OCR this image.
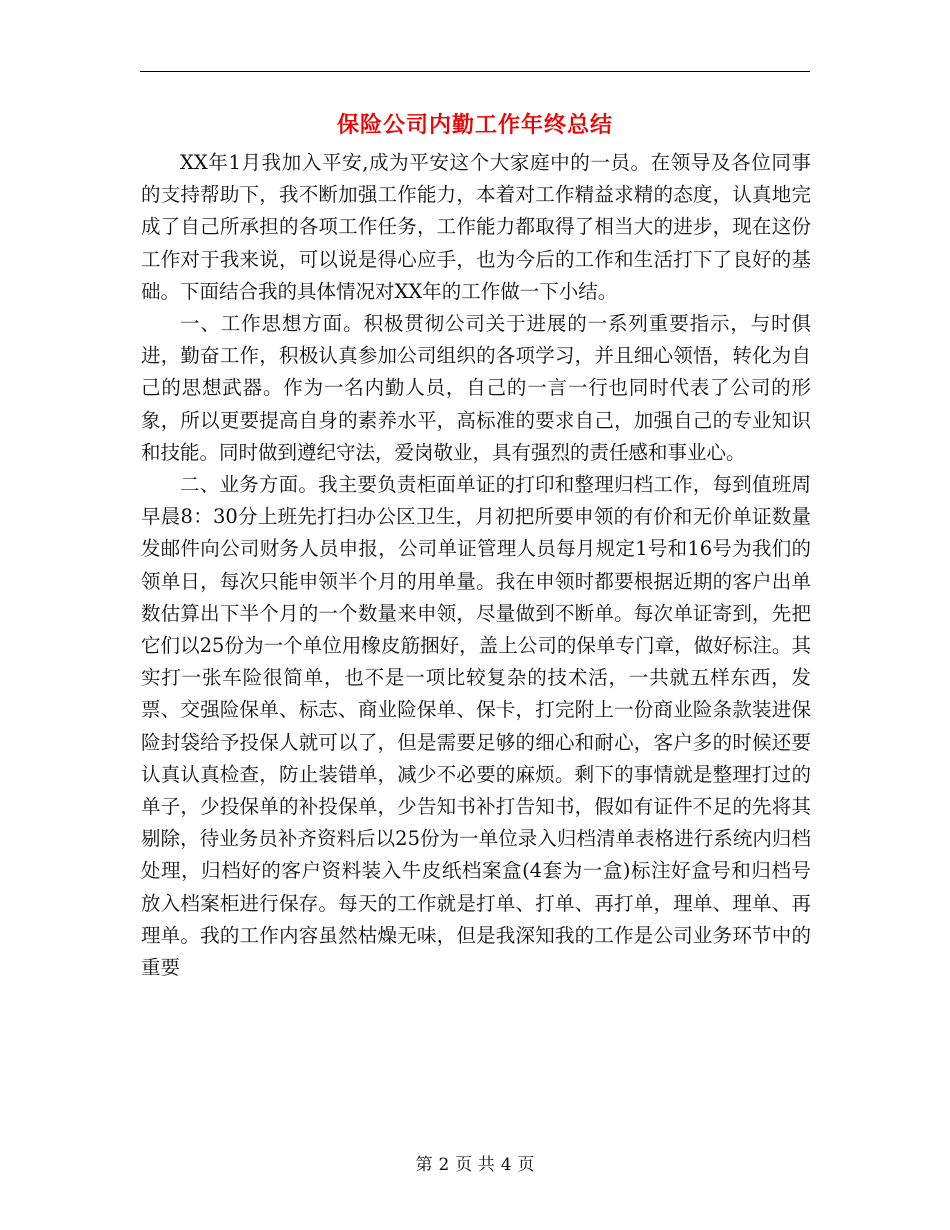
保险公司内勤工作年终总结

XX年1月我加入平安,成为平安这个大家庭中的一员。在领导及各位同事的支持帮助下，我不断加强工作能力，本着对工作精益求精的态度，认真地完成了自己所承担的各项工作任务，工作能力都取得了相当大的进步，现在这份工作对于我来说，可以说是得心应手，也为今后的工作和生活打下了良好的基础。下面结合我的具体情况对XX年的工作做一下小结。

一、工作思想方面。积极贯彻公司关于进展的一系列重要指示，与时俱进，勤奋工作，积极认真参加公司组织的各项学习，并且细心领悟，转化为自己的思想武器。作为一名内勤人员，自己的一言一行也同时代表了公司的形象，所以更要提高自身的素养水平，高标准的要求自己，加强自己的专业知识和技能。同时做到遵纪守法，爱岗敬业，具有强烈的责任感和事业心。

二、业务方面。我主要负责柜面单证的打印和整理归档工作，每到值班周早晨8：30分上班先打扫办公区卫生，月初把所要申领的有价和无价单证数量发邮件向公司财务人员申报，公司单证管理人员每月规定1号和16号为我们的领单日，每次只能申领半个月的用单量。我在申领时都要根据近期的客户出单数估算出下半个月的一个数量来申领，尽量做到不断单。每次单证寄到，先把它们以25份为一个单位用橡皮筋捆好，盖上公司的保单专门章，做好标注。其实打一张车险很简单，也不是一项比较复杂的技术活，一共就五样东西，发票、交强险保单、标志、商业险保单、保卡，打完附上一份商业险条款装进保险封袋给予投保人就可以了，但是需要足够的细心和耐心，客户多的时候还要认真认真检查，防止装错单，减少不必要的麻烦。剩下的事情就是整理打过的单子，少投保单的补投保单，少告知书补打告知书，假如有证件不足的先将其剔除，待业务员补齐资料后以25份为一单位录入归档清单表格进行系统内归档处理，归档好的客户资料装入牛皮纸档案盒(4套为一盒)标注好盒号和归档号放入档案柜进行保存。每天的工作就是打单、打单、再打单，理单、理单、再理单。我的工作内容虽然枯燥无味，但是我深知我的工作是公司业务环节中的重要

第 2 页 共 4 页
